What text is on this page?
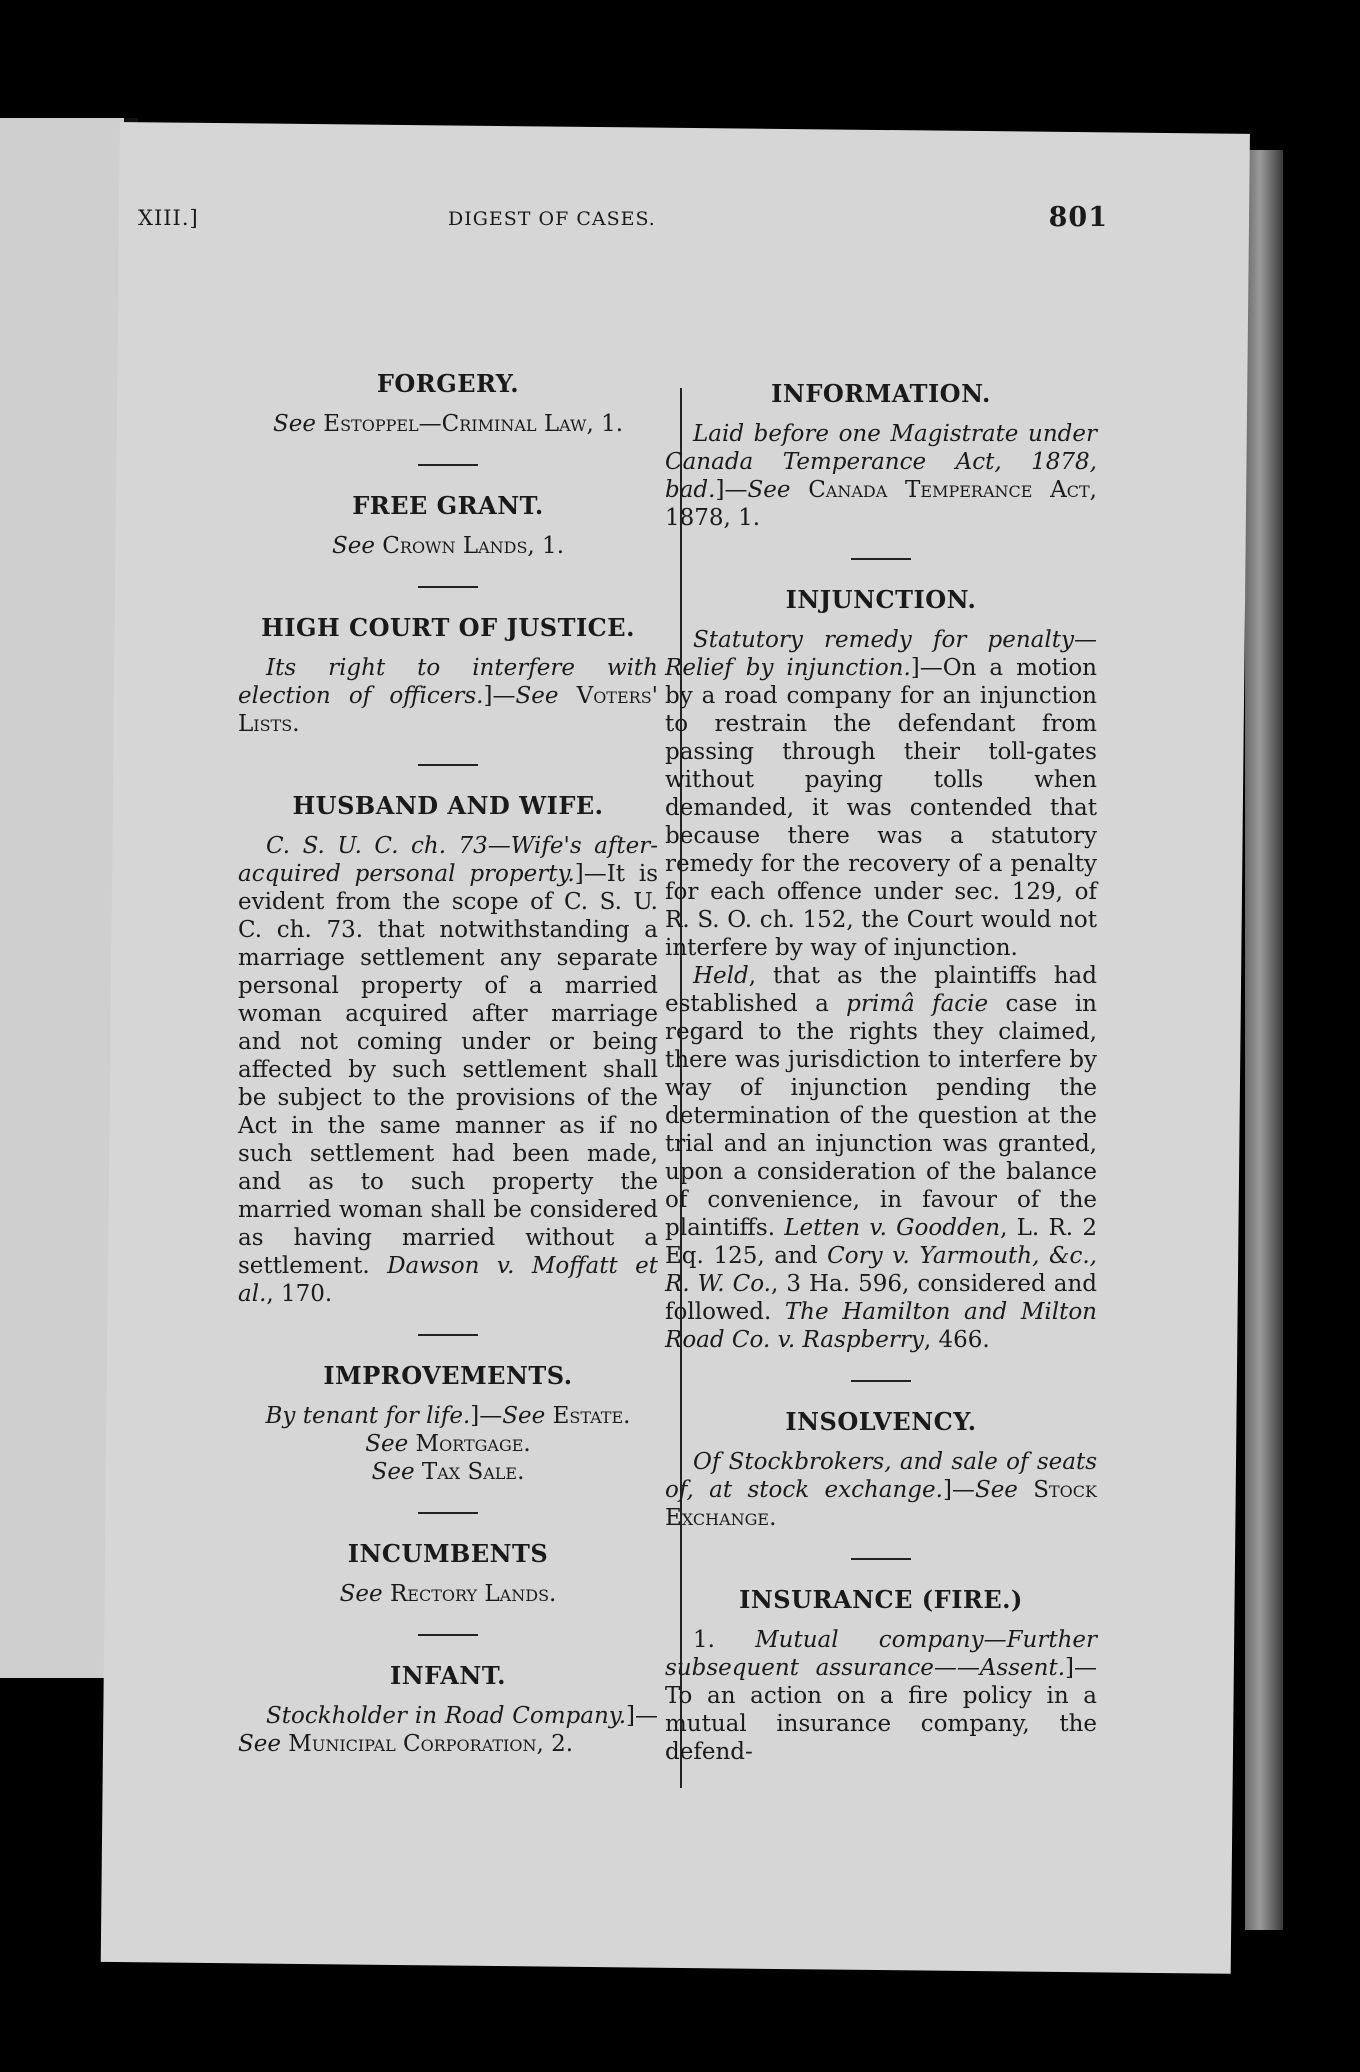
XIII.]	DIGEST OF CASES.	801

FORGERY.

See Estoppel—Criminal Law, 1.

FREE GRANT.

See Crown Lands, 1.

HIGH COURT OF JUSTICE.

Its right to interfere with election of officers.]—See Voters' Lists.

HUSBAND AND WIFE.

C. S. U. C. ch. 73—Wife's after-acquired personal property.]—It is evident from the scope of C. S. U. C. ch. 73. that notwithstanding a marriage settlement any separate personal property of a married woman acquired after marriage and not coming under or being affected by such settlement shall be subject to the provisions of the Act in the same manner as if no such settlement had been made, and as to such property the married woman shall be considered as having married without a settlement. Dawson v. Moffatt et al., 170.

IMPROVEMENTS.

By tenant for life.]—See Estate.

See Mortgage.

See Tax Sale.

INCUMBENTS

See Rectory Lands.

INFANT.

Stockholder in Road Company.]—See Municipal Corporation, 2.

INFORMATION.

Laid before one Magistrate under Canada Temperance Act, 1878, bad.]—See Canada Temperance Act, 1878, 1.

INJUNCTION.

Statutory remedy for penalty—Relief by injunction.]—On a motion by a road company for an injunction to restrain the defendant from passing through their toll-gates without paying tolls when demanded, it was contended that because there was a statutory remedy for the recovery of a penalty for each offence under sec. 129, of R. S. O. ch. 152, the Court would not interfere by way of injunction.

Held, that as the plaintiffs had established a primâ facie case in regard to the rights they claimed, there was jurisdiction to interfere by way of injunction pending the determination of the question at the trial and an injunction was granted, upon a consideration of the balance of convenience, in favour of the plaintiffs. Letten v. Goodden, L. R. 2 Eq. 125, and Cory v. Yarmouth, &c., R. W. Co., 3 Ha. 596, considered and followed. The Hamilton and Milton Road Co. v. Raspberry, 466.

INSOLVENCY.

Of Stockbrokers, and sale of seats of, at stock exchange.]—See Stock Exchange.

INSURANCE (FIRE.)

1. Mutual company—Further subsequent assurance——Assent.]—To an action on a fire policy in a mutual insurance company, the defend-
